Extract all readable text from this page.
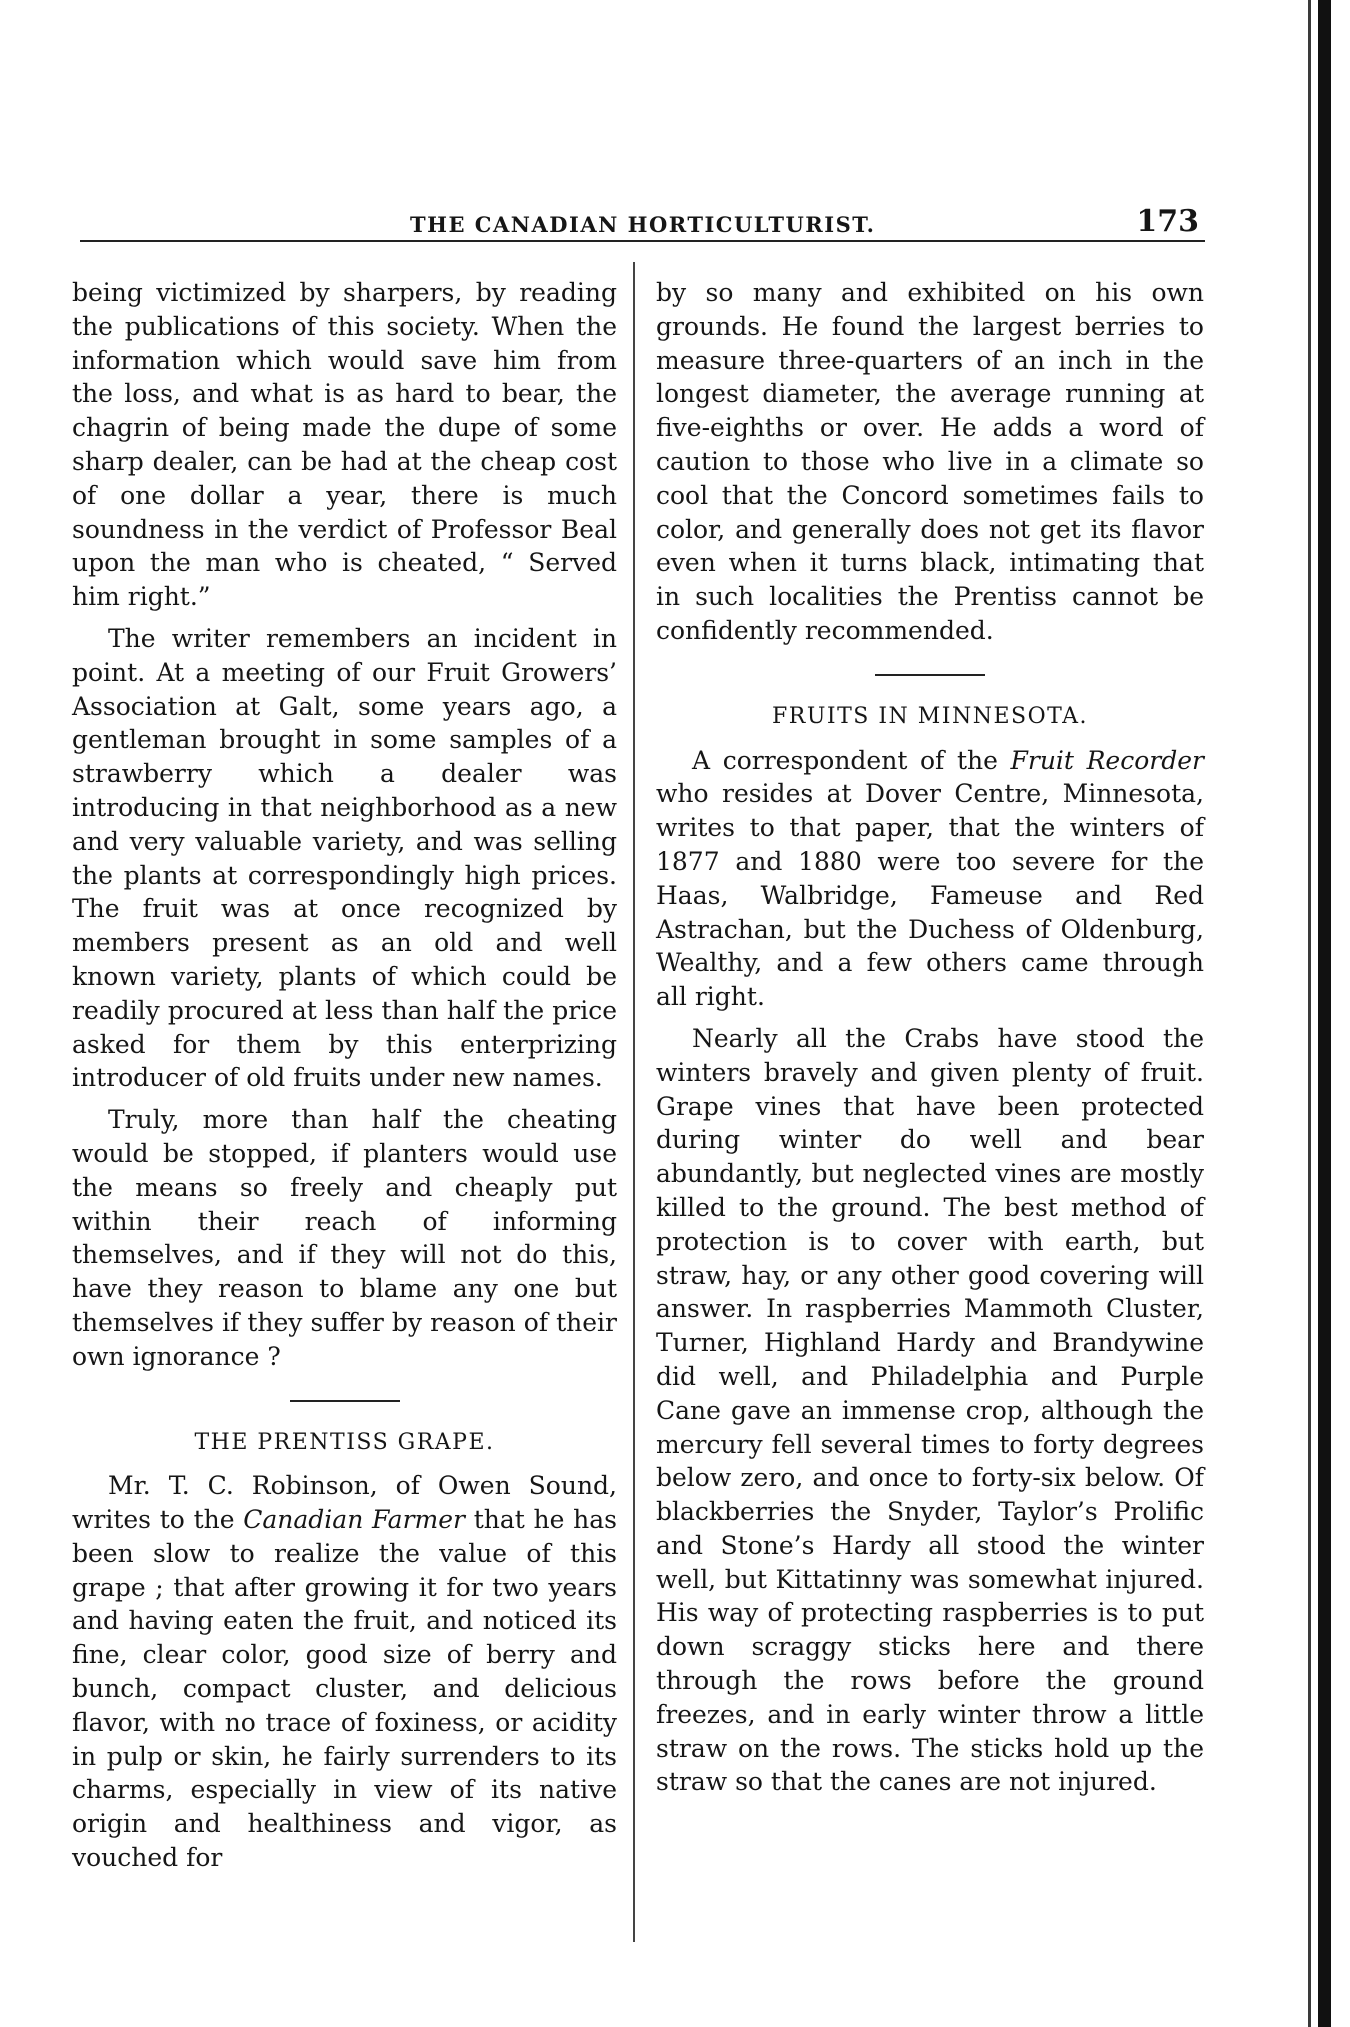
THE CANADIAN HORTICULTURIST.	173

being victimized by sharpers, by reading the publications of this society. When the information which would save him from the loss, and what is as hard to bear, the chagrin of being made the dupe of some sharp dealer, can be had at the cheap cost of one dollar a year, there is much soundness in the verdict of Professor Beal upon the man who is cheated, “ Served him right.”

The writer remembers an incident in point. At a meeting of our Fruit Growers’ Association at Galt, some years ago, a gentleman brought in some samples of a strawberry which a dealer was introducing in that neighborhood as a new and very valuable variety, and was selling the plants at correspondingly high prices. The fruit was at once recognized by members present as an old and well known variety, plants of which could be readily procured at less than half the price asked for them by this enterprizing introducer of old fruits under new names.

Truly, more than half the cheating would be stopped, if planters would use the means so freely and cheaply put within their reach of informing themselves, and if they will not do this, have they reason to blame any one but themselves if they suffer by reason of their own ignorance ?

THE PRENTISS GRAPE.

Mr. T. C. Robinson, of Owen Sound, writes to the Canadian Farmer that he has been slow to realize the value of this grape ; that after growing it for two years and having eaten the fruit, and noticed its fine, clear color, good size of berry and bunch, compact cluster, and delicious flavor, with no trace of foxiness, or acidity in pulp or skin, he fairly surrenders to its charms, especially in view of its native origin and healthiness and vigor, as vouched for

by so many and exhibited on his own grounds. He found the largest berries to measure three-quarters of an inch in the longest diameter, the average running at five-eighths or over. He adds a word of caution to those who live in a climate so cool that the Concord sometimes fails to color, and generally does not get its flavor even when it turns black, intimating that in such localities the Prentiss cannot be confidently recommended.

FRUITS IN MINNESOTA.

A correspondent of the Fruit Recorder who resides at Dover Centre, Minnesota, writes to that paper, that the winters of 1877 and 1880 were too severe for the Haas, Walbridge, Fameuse and Red Astrachan, but the Duchess of Oldenburg, Wealthy, and a few others came through all right.

Nearly all the Crabs have stood the winters bravely and given plenty of fruit. Grape vines that have been protected during winter do well and bear abundantly, but neglected vines are mostly killed to the ground. The best method of protection is to cover with earth, but straw, hay, or any other good covering will answer. In raspberries Mammoth Cluster, Turner, Highland Hardy and Brandywine did well, and Philadelphia and Purple Cane gave an immense crop, although the mercury fell several times to forty degrees below zero, and once to forty-six below. Of blackberries the Snyder, Taylor’s Prolific and Stone’s Hardy all stood the winter well, but Kittatinny was somewhat injured. His way of protecting raspberries is to put down scraggy sticks here and there through the rows before the ground freezes, and in early winter throw a little straw on the rows. The sticks hold up the straw so that the canes are not injured.
